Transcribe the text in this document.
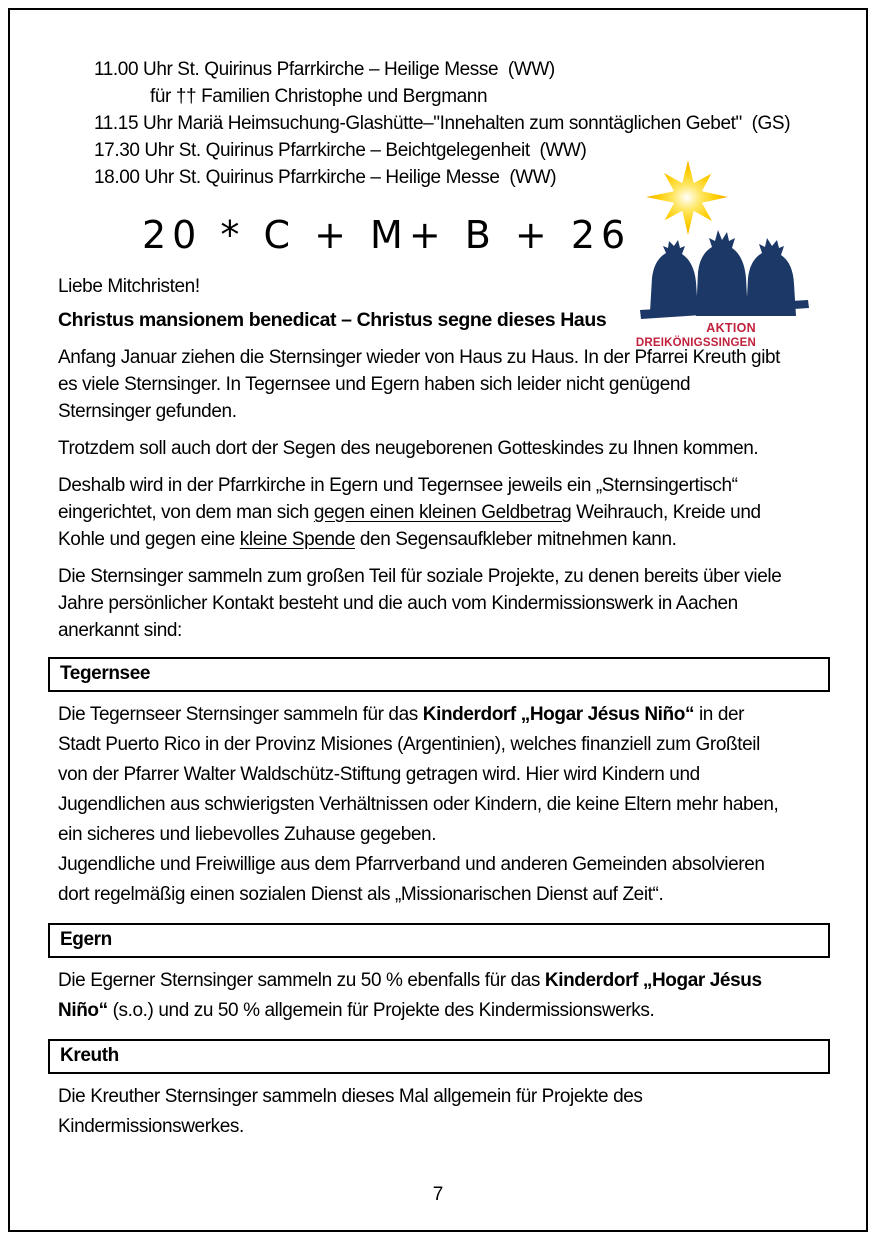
11.00 Uhr St. Quirinus Pfarrkirche – Heilige Messe  (WW)
für †† Familien Christophe und Bergmann
11.15 Uhr Mariä Heimsuchung-Glashütte–"Innehalten zum sonntäglichen Gebet"  (GS)
17.30 Uhr St. Quirinus Pfarrkirche – Beichtgelegenheit  (WW)
18.00 Uhr St. Quirinus Pfarrkirche – Heilige Messe  (WW)
20 * C + M+ B + 26
AKTION
DREIKÖNIGSSINGEN
Liebe Mitchristen!
Christus mansionem benedicat – Christus segne dieses Haus
Anfang Januar ziehen die Sternsinger wieder von Haus zu Haus. In der Pfarrei Kreuth gibt
es viele Sternsinger. In Tegernsee und Egern haben sich leider nicht genügend
Sternsinger gefunden.
Trotzdem soll auch dort der Segen des neugeborenen Gotteskindes zu Ihnen kommen.
Deshalb wird in der Pfarrkirche in Egern und Tegernsee jeweils ein „Sternsingertisch“
eingerichtet, von dem man sich gegen einen kleinen Geldbetrag Weihrauch, Kreide und
Kohle und gegen eine kleine Spende den Segensaufkleber mitnehmen kann.
Die Sternsinger sammeln zum großen Teil für soziale Projekte, zu denen bereits über viele
Jahre persönlicher Kontakt besteht und die auch vom Kindermissionswerk in Aachen
anerkannt sind:
Tegernsee
Die Tegernseer Sternsinger sammeln für das Kinderdorf „Hogar Jésus Niño“ in der
Stadt Puerto Rico in der Provinz Misiones (Argentinien), welches finanziell zum Großteil
von der Pfarrer Walter Waldschütz-Stiftung getragen wird. Hier wird Kindern und
Jugendlichen aus schwierigsten Verhältnissen oder Kindern, die keine Eltern mehr haben,
ein sicheres und liebevolles Zuhause gegeben.
Jugendliche und Freiwillige aus dem Pfarrverband und anderen Gemeinden absolvieren
dort regelmäßig einen sozialen Dienst als „Missionarischen Dienst auf Zeit“.
Egern
Die Egerner Sternsinger sammeln zu 50 % ebenfalls für das Kinderdorf „Hogar Jésus
Niño“ (s.o.) und zu 50 % allgemein für Projekte des Kindermissionswerks.
Kreuth
Die Kreuther Sternsinger sammeln dieses Mal allgemein für Projekte des
Kindermissionswerkes.
7
